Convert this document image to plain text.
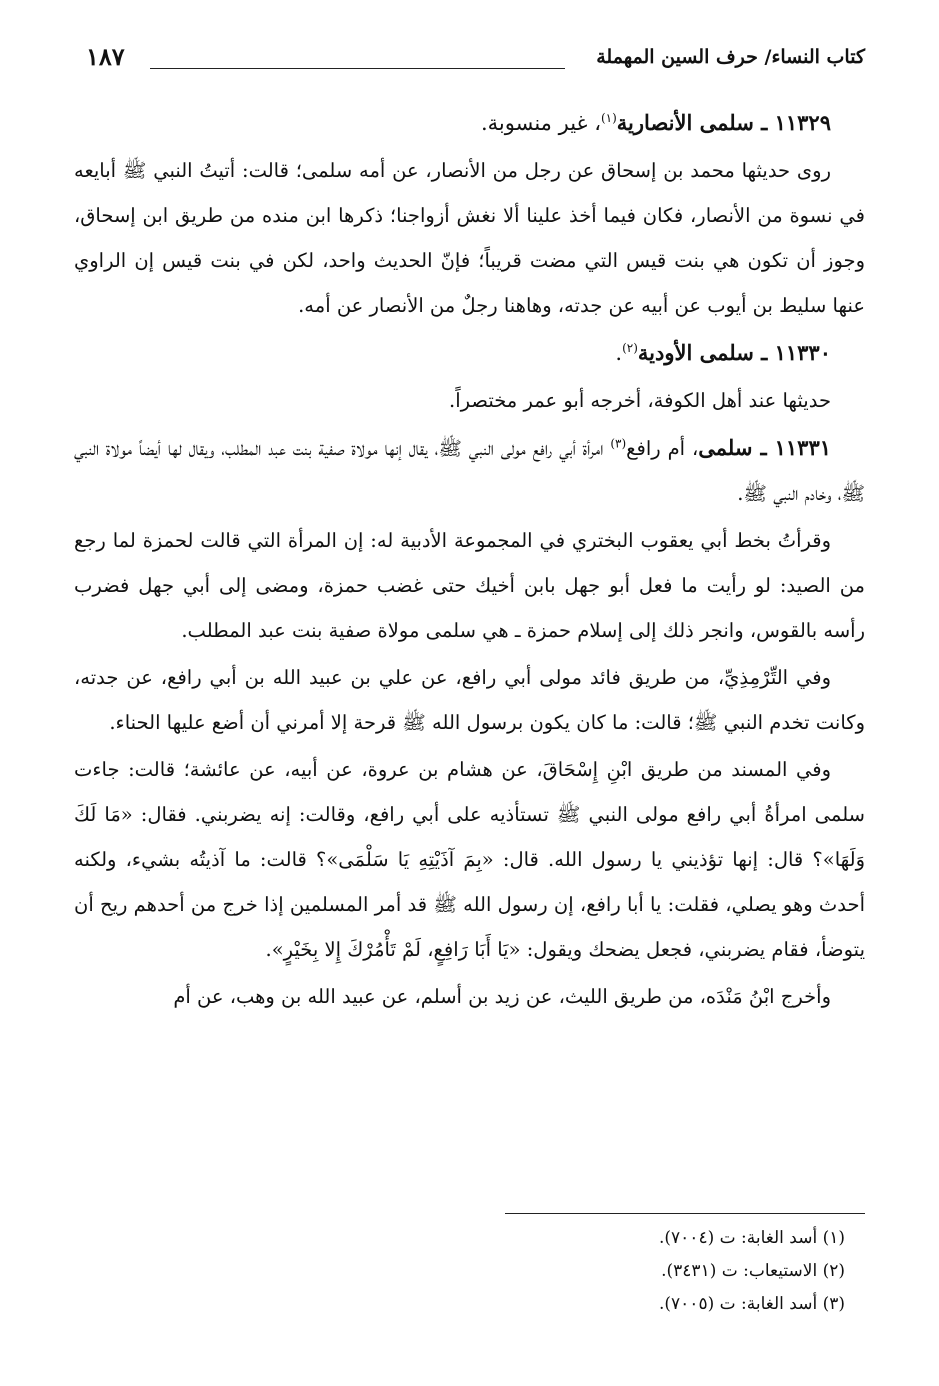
١٨٧	كتاب النساء/ حرف السين المهملة

١١٣٢٩ ـ سلمى الأنصارية$^{(١)}$، غير منسوبة.

روى حديثها محمد بن إسحاق عن رجل من الأنصار، عن أمه سلمى؛ قالت: أتيتُ النبي ﷺ أبايعه في نسوة من الأنصار، فكان فيما أخذ علينا ألا نغش أزواجنا؛ ذكرها ابن منده من طريق ابن إسحاق، وجوز أن تكون هي بنت قيس التي مضت قريباً؛ فإنّ الحديث واحد، لكن في بنت قيس إن الراوي عنها سليط بن أيوب عن أبيه عن جدته، وهاهنا رجلٌ من الأنصار عن أمه.

١١٣٣٠ ـ سلمى الأودية$^{(٢)}$.

حديثها عند أهل الكوفة، أخرجه أبو عمر مختصراً.

١١٣٣١ ـ سلمى، أم رافع$^{(٣)}$ امرأة أبي رافع مولى النبي ﷺ، يقال إنها مولاة صفية بنت عبد المطلب، ويقال لها أيضاً مولاة النبي ﷺ، وخادم النبي ﷺ.

وقرأتُ بخط أبي يعقوب البختري في المجموعة الأدبية له: إن المرأة التي قالت لحمزة لما رجع من الصيد: لو رأيت ما فعل أبو جهل بابن أخيك حتى غضب حمزة، ومضى إلى أبي جهل فضرب رأسه بالقوس، وانجر ذلك إلى إسلام حمزة ـ هي سلمى مولاة صفية بنت عبد المطلب.

وفي التِّرْمِذِيِّ، من طريق فائد مولى أبي رافع، عن علي بن عبيد الله بن أبي رافع، عن جدته، وكانت تخدم النبي ﷺ؛ قالت: ما كان يكون برسول الله ﷺ قرحة إلا أمرني أن أضع عليها الحناء.

وفي المسند من طريق ابْنِ إِسْحَاقَ، عن هشام بن عروة، عن أبيه، عن عائشة؛ قالت: جاءت سلمى امرأةُ أبي رافع مولى النبي ﷺ تستأذيه على أبي رافع، وقالت: إنه يضربني. فقال: «مَا لَكَ وَلَهَا»؟ قال: إنها تؤذيني يا رسول الله. قال: «بِمَ آذَيْتِهِ يَا سَلْمَى»؟ قالت: ما آذيتُه بشيء، ولكنه أحدث وهو يصلي، فقلت: يا أبا رافع، إن رسول الله ﷺ قد أمر المسلمين إذا خرج من أحدهم ريح أن يتوضأ، فقام يضربني، فجعل يضحك ويقول: «يَا أَبَا رَافِعٍ، لَمْ تَأْمُرْكَ إِلا بِخَيْرٍ».

وأخرج ابْنُ مَنْدَه، من طريق الليث، عن زيد بن أسلم، عن عبيد الله بن وهب، عن أم

(١) أسد الغابة: ت (٧٠٠٤).
(٢) الاستيعاب: ت (٣٤٣١).
(٣) أسد الغابة: ت (٧٠٠٥).
